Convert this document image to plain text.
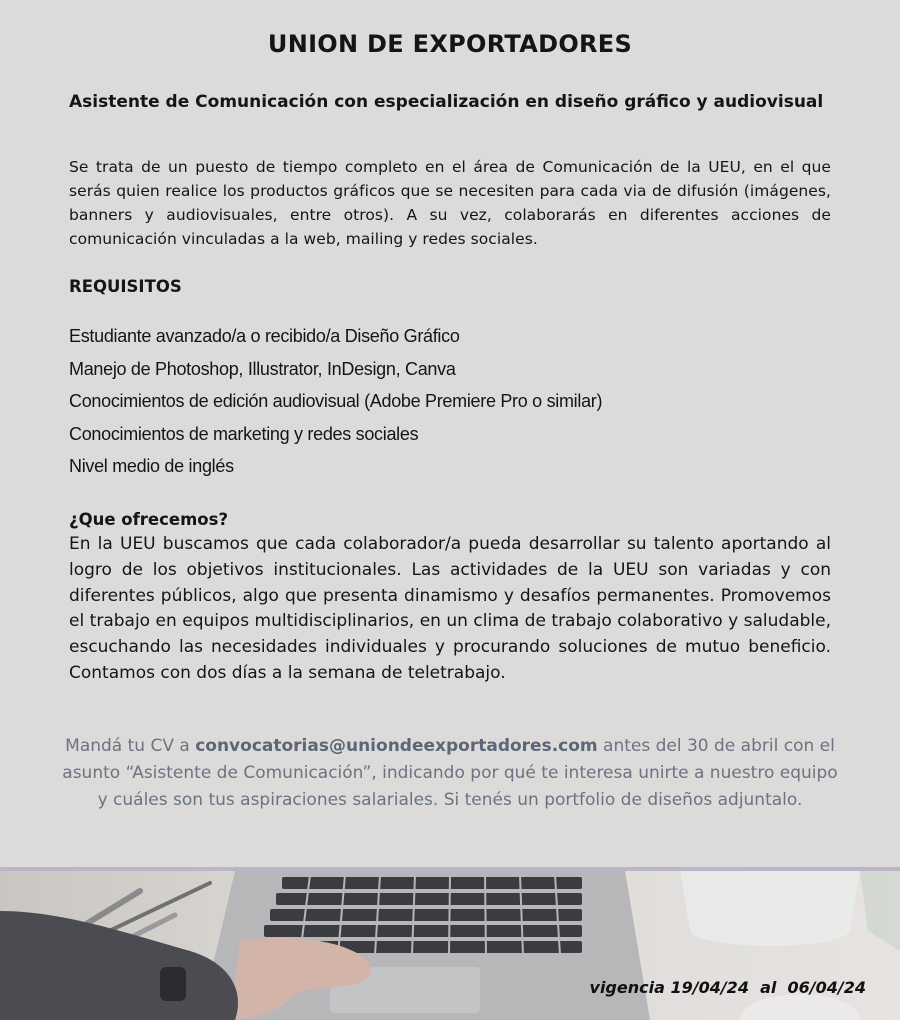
UNION DE EXPORTADORES

Asistente de Comunicación con especialización en diseño gráfico y audiovisual

Se trata de un puesto de tiempo completo en el área de Comunicación de la UEU, en el que serás quien realice los productos gráficos que se necesiten para cada via de difusión (imágenes, banners y audiovisuales, entre otros). A su vez, colaborarás en diferentes acciones de comunicación vinculadas a la web, mailing y redes sociales.

REQUISITOS
Estudiante avanzado/a o recibido/a Diseño Gráfico
Manejo de Photoshop, Illustrator, InDesign, Canva
Conocimientos de edición audiovisual (Adobe Premiere Pro o similar)
Conocimientos de marketing y redes sociales
Nivel medio de inglés
¿Que ofrecemos?

En la UEU buscamos que cada colaborador/a pueda desarrollar su talento aportando al logro de los objetivos institucionales. Las actividades de la UEU son variadas y con diferentes públicos, algo que presenta dinamismo y desafíos permanentes. Promovemos el trabajo en equipos multidisciplinarios, en un clima de trabajo colaborativo y saludable, escuchando las necesidades individuales y procurando soluciones de mutuo beneficio. Contamos con dos días a la semana de teletrabajo.

Mandá tu CV a convocatorias@uniondeexportadores.com antes del 30 de abril con el asunto “Asistente de Comunicación”, indicando por qué te interesa unirte a nuestro equipo y cuáles son tus aspiraciones salariales. Si tenés un portfolio de diseños adjuntalo.

vigencia 19/04/24  al  06/04/24
